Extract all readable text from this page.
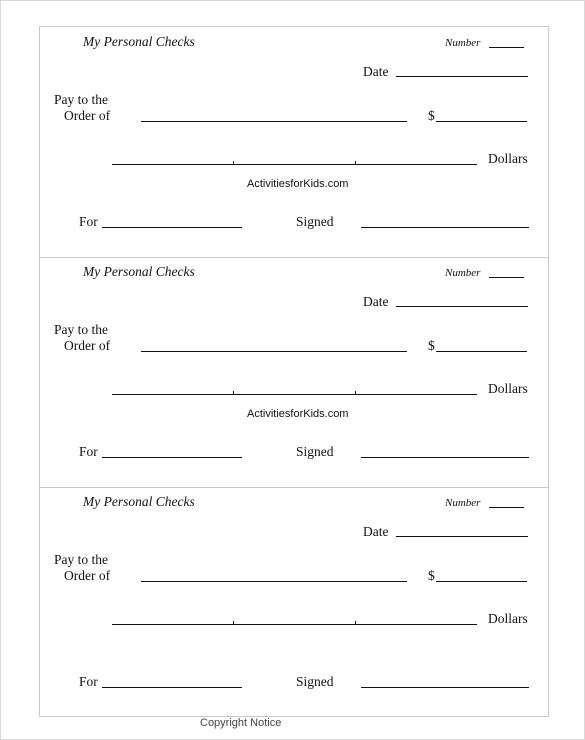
My Personal Checks	Number
Date
Pay to the
Order of	$
Dollars
ActivitiesforKids.com
For	Signed
My Personal Checks	Number
Date
Pay to the
Order of	$
Dollars
ActivitiesforKids.com
For	Signed
My Personal Checks	Number
Date
Pay to the
Order of	$
Dollars
For	Signed
